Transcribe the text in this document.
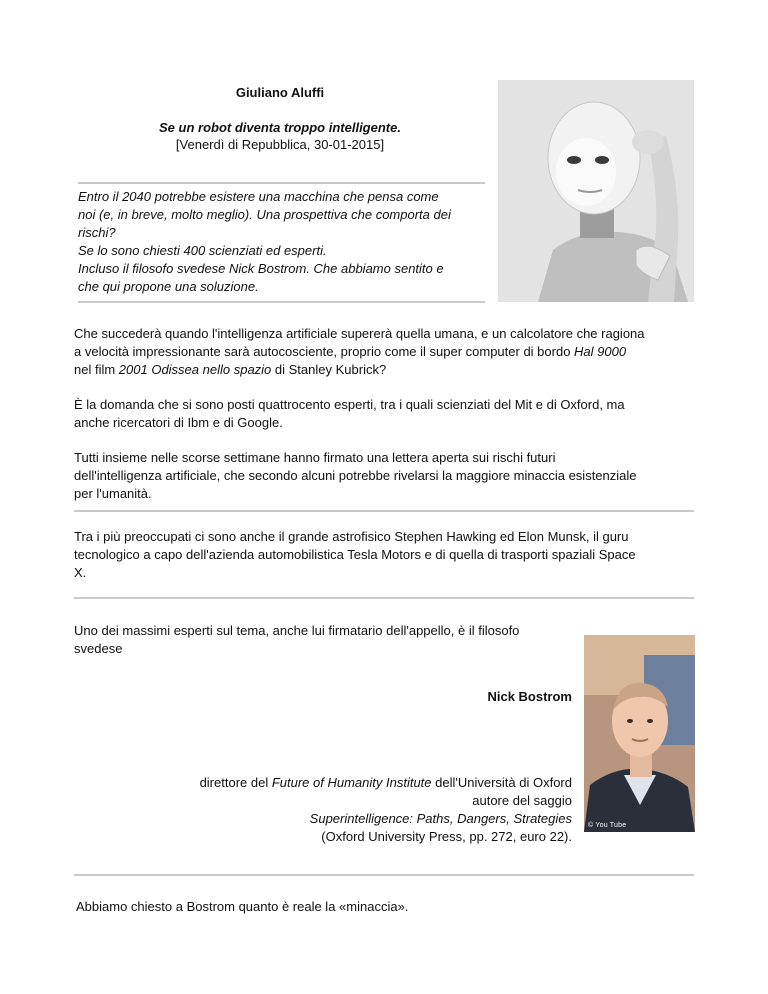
Giuliano Aluffi
Se un robot diventa troppo intelligente.
[Venerdì di Repubblica, 30-01-2015]
Entro il 2040 potrebbe esistere una macchina che pensa come
noi (e, in breve, molto meglio). Una prospettiva che comporta dei
rischi?
Se lo sono chiesti 400 scienziati ed esperti.
Incluso il filosofo svedese Nick Bostrom. Che abbiamo sentito e
che qui propone una soluzione.
Che succederà quando l'intelligenza artificiale supererà quella umana, e un calcolatore che ragiona
a velocità impressionante sarà autocosciente, proprio come il super computer di bordo Hal 9000
nel film 2001 Odissea nello spazio di Stanley Kubrick?
È la domanda che si sono posti quattrocento esperti, tra i quali scienziati del Mit e di Oxford, ma
anche ricercatori di Ibm e di Google.
Tutti insieme nelle scorse settimane hanno firmato una lettera aperta sui rischi futuri
dell'intelligenza artificiale, che secondo alcuni potrebbe rivelarsi la maggiore minaccia esistenziale
per l'umanità.
Tra i più preoccupati ci sono anche il grande astrofisico Stephen Hawking ed Elon Munsk, il guru
tecnologico a capo dell'azienda automobilistica Tesla Motors e di quella di trasporti spaziali Space
X.
Uno dei massimi esperti sul tema, anche lui firmatario dell'appello, è il filosofo
svedese
Nick Bostrom
direttore del Future of Humanity Institute dell'Università di Oxford
autore del saggio
Superintelligence: Paths, Dangers, Strategies
(Oxford University Press, pp. 272, euro 22).
© You Tube
Abbiamo chiesto a Bostrom quanto è reale la «minaccia».
